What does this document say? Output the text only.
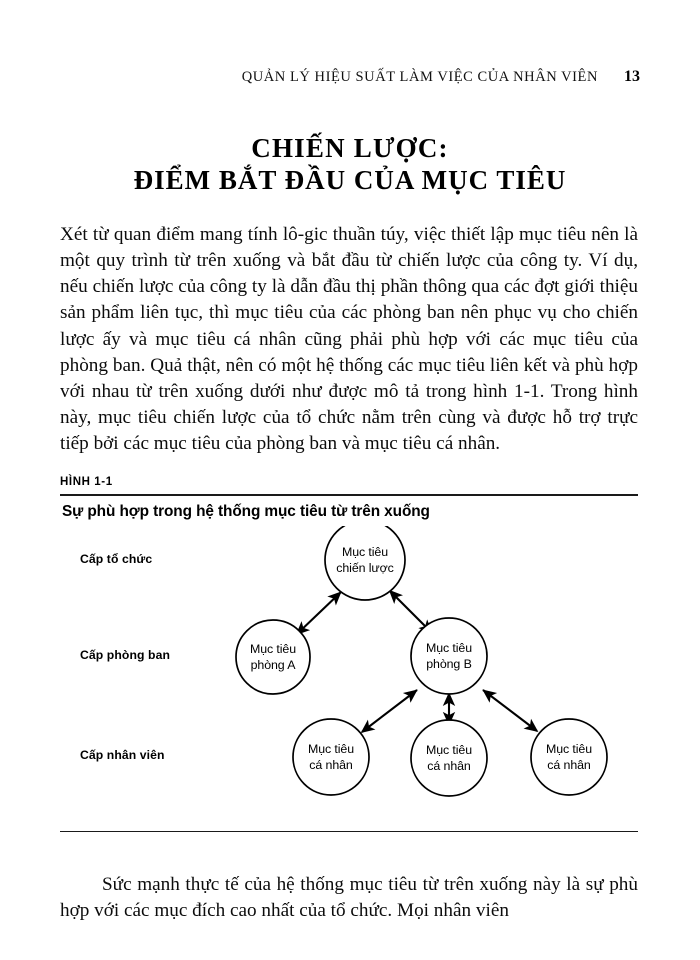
QUẢN LÝ HIỆU SUẤT LÀM VIỆC CỦA NHÂN VIÊN 13
CHIẾN LƯỢC:
ĐIỂM BẮT ĐẦU CỦA MỤC TIÊU

Xét từ quan điểm mang tính lô-gic thuần túy, việc thiết lập mục tiêu nên là một quy trình từ trên xuống và bắt đầu từ chiến lược của công ty. Ví dụ, nếu chiến lược của công ty là dẫn đầu thị phần thông qua các đợt giới thiệu sản phẩm liên tục, thì mục tiêu của các phòng ban nên phục vụ cho chiến lược ấy và mục tiêu cá nhân cũng phải phù hợp với các mục tiêu của phòng ban. Quả thật, nên có một hệ thống các mục tiêu liên kết và phù hợp với nhau từ trên xuống dưới như được mô tả trong hình 1-1. Trong hình này, mục tiêu chiến lược của tổ chức nằm trên cùng và được hỗ trợ trực tiếp bởi các mục tiêu của phòng ban và mục tiêu cá nhân.

HÌNH 1-1
Sự phù hợp trong hệ thống mục tiêu từ trên xuống
Cấp tổ chức
Cấp phòng ban
Cấp nhân viên
Mục tiêu
chiến lược
Mục tiêu
phòng A
Mục tiêu
phòng B
Mục tiêu
cá nhân
Mục tiêu
cá nhân
Mục tiêu
cá nhân

Sức mạnh thực tế của hệ thống mục tiêu từ trên xuống này là sự phù hợp với các mục đích cao nhất của tổ chức. Mọi nhân viên
